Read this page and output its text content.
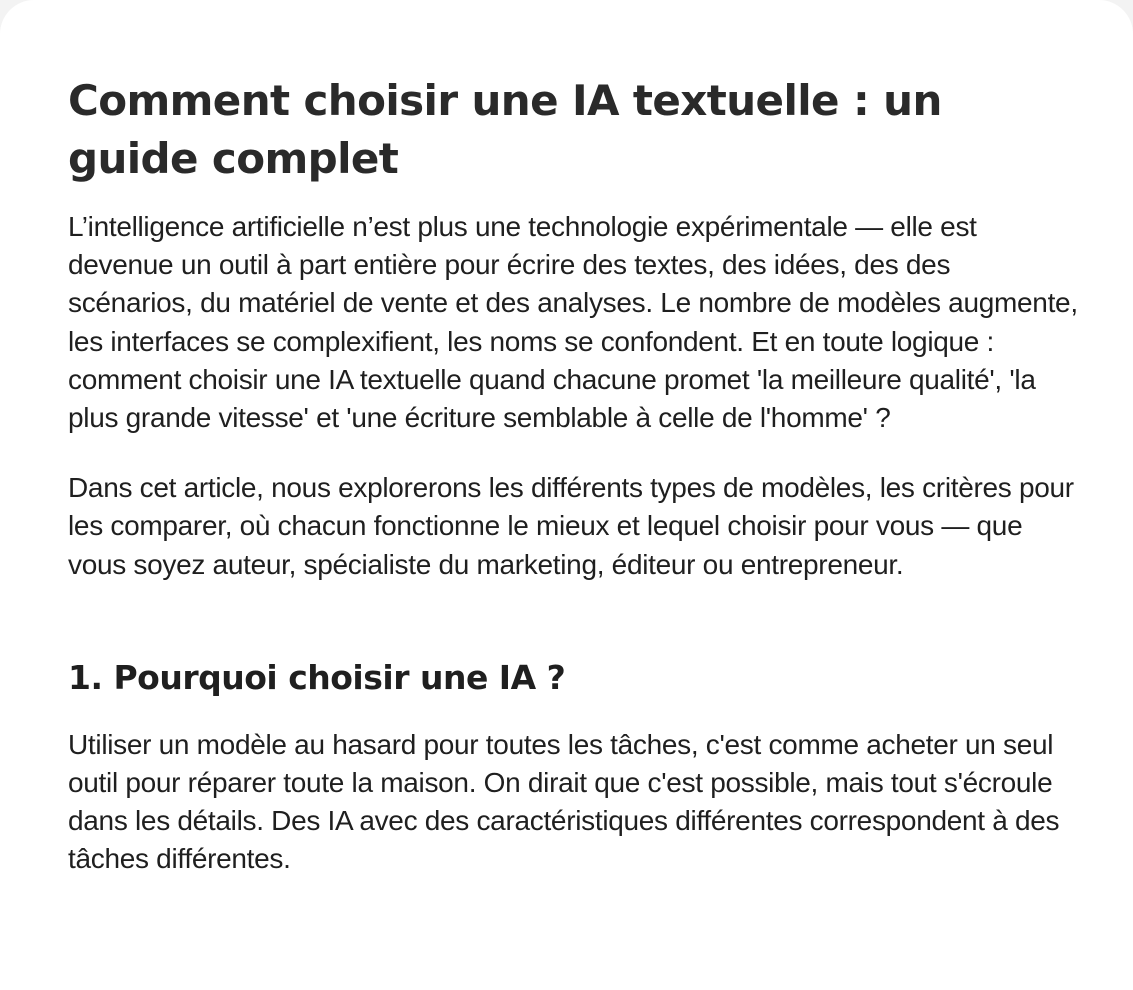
Comment choisir une IA textuelle : un guide complet

L’intelligence artificielle n’est plus une technologie expérimentale — elle est devenue un outil à part entière pour écrire des textes, des idées, des des scénarios, du matériel de vente et des analyses. Le nombre de modèles augmente, les interfaces se complexifient, les noms se confondent. Et en toute logique : comment choisir une IA textuelle quand chacune promet 'la meilleure qualité', 'la plus grande vitesse' et 'une écriture semblable à celle de l'homme' ?

Dans cet article, nous explorerons les différents types de modèles, les critères pour les comparer, où chacun fonctionne le mieux et lequel choisir pour vous — que vous soyez auteur, spécialiste du marketing, éditeur ou entrepreneur.

1. Pourquoi choisir une IA ?

Utiliser un modèle au hasard pour toutes les tâches, c'est comme acheter un seul outil pour réparer toute la maison. On dirait que c'est possible, mais tout s'écroule dans les détails. Des IA avec des caractéristiques différentes correspondent à des tâches différentes.
